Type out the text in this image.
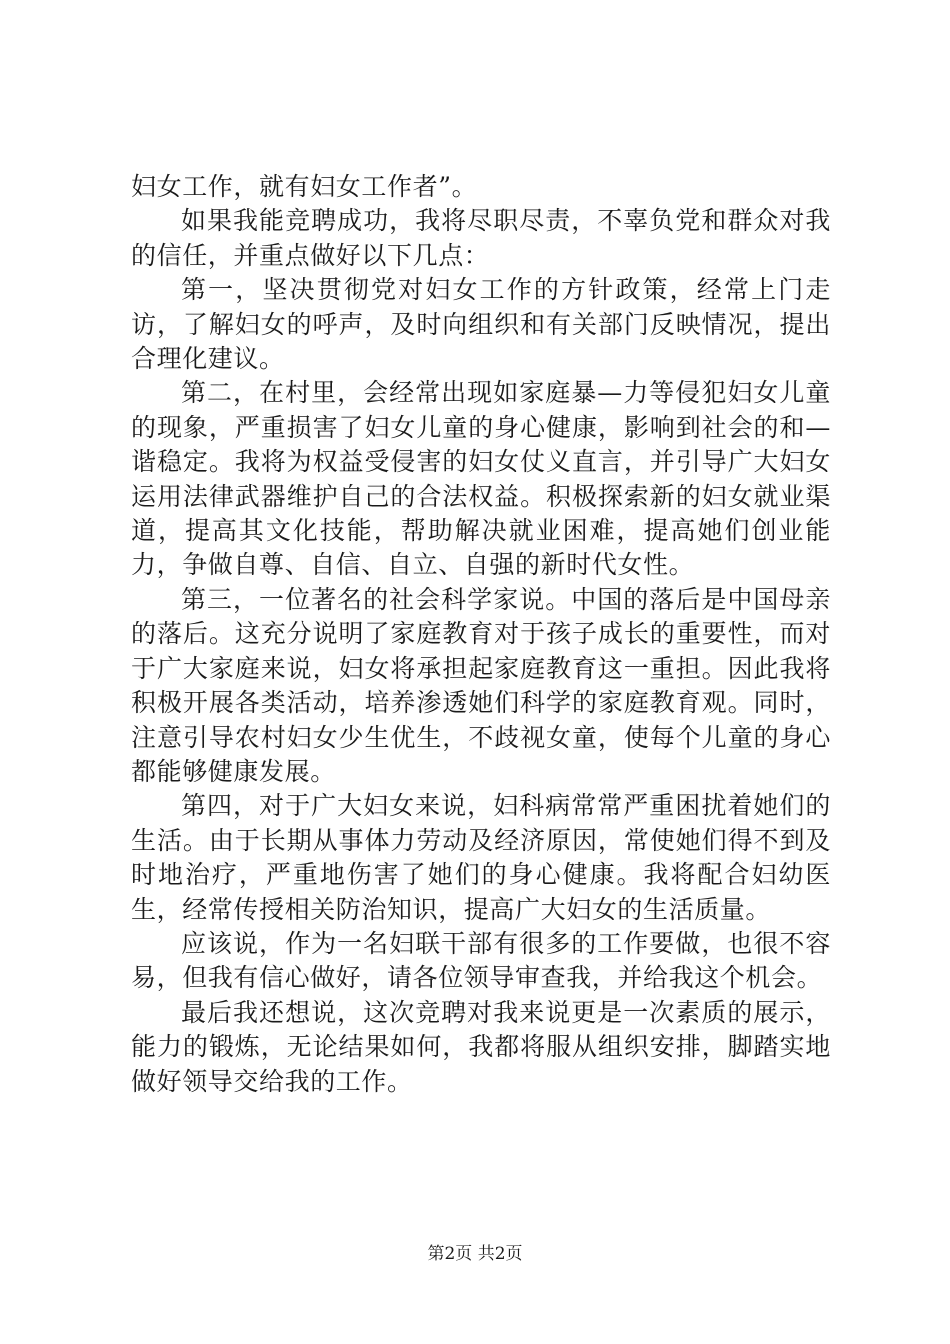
妇女工作，就有妇女工作者”。

如果我能竞聘成功，我将尽职尽责，不辜负党和群众对我的信任，并重点做好以下几点：

第一，坚决贯彻党对妇女工作的方针政策，经常上门走访，了解妇女的呼声，及时向组织和有关部门反映情况，提出合理化建议。

第二，在村里，会经常出现如家庭暴—力等侵犯妇女儿童的现象，严重损害了妇女儿童的身心健康，影响到社会的和—谐稳定。我将为权益受侵害的妇女仗义直言，并引导广大妇女运用法律武器维护自己的合法权益。积极探索新的妇女就业渠道，提高其文化技能，帮助解决就业困难，提高她们创业能力，争做自尊、自信、自立、自强的新时代女性。

第三，一位著名的社会科学家说。中国的落后是中国母亲的落后。这充分说明了家庭教育对于孩子成长的重要性，而对于广大家庭来说，妇女将承担起家庭教育这一重担。因此我将积极开展各类活动，培养渗透她们科学的家庭教育观。同时，注意引导农村妇女少生优生，不歧视女童，使每个儿童的身心都能够健康发展。

第四，对于广大妇女来说，妇科病常常严重困扰着她们的生活。由于长期从事体力劳动及经济原因，常使她们得不到及时地治疗，严重地伤害了她们的身心健康。我将配合妇幼医生，经常传授相关防治知识，提高广大妇女的生活质量。

应该说，作为一名妇联干部有很多的工作要做，也很不容易，但我有信心做好，请各位领导审查我，并给我这个机会。

最后我还想说，这次竞聘对我来说更是一次素质的展示，能力的锻炼，无论结果如何，我都将服从组织安排，脚踏实地做好领导交给我的工作。

第2页 共2页
